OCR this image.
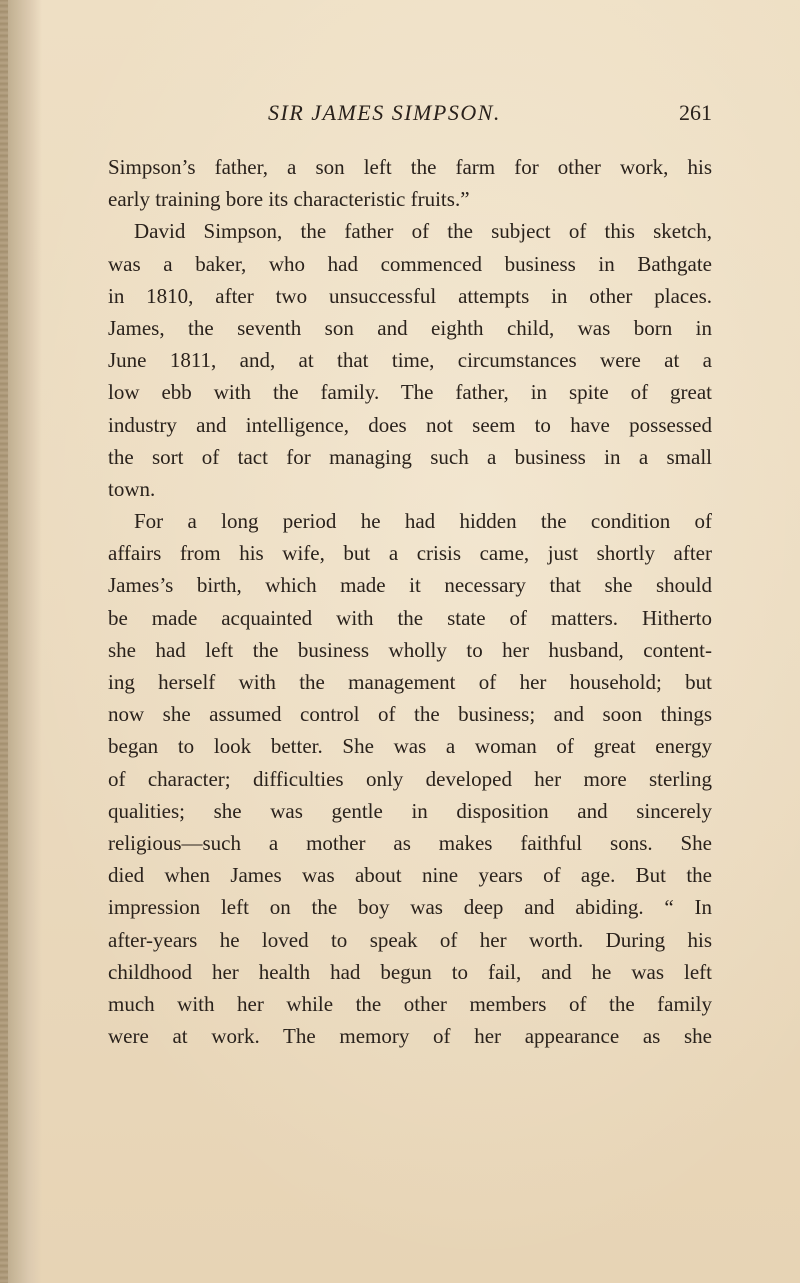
SIR JAMES SIMPSON.	261
Simpson’s father, a son left the farm for other work, his
early training bore its characteristic fruits.”
David Simpson, the father of the subject of this sketch,
was a baker, who had commenced business in Bathgate
in 1810, after two unsuccessful attempts in other places.
James, the seventh son and eighth child, was born in
June 1811, and, at that time, circumstances were at a
low ebb with the family. The father, in spite of great
industry and intelligence, does not seem to have possessed
the sort of tact for managing such a business in a small
town.
For a long period he had hidden the condition of
affairs from his wife, but a crisis came, just shortly after
James’s birth, which made it necessary that she should
be made acquainted with the state of matters. Hitherto
she had left the business wholly to her husband, content-
ing herself with the management of her household; but
now she assumed control of the business; and soon things
began to look better. She was a woman of great energy
of character; difficulties only developed her more sterling
qualities; she was gentle in disposition and sincerely
religious—such a mother as makes faithful sons. She
died when James was about nine years of age. But the
impression left on the boy was deep and abiding. “ In
after-years he loved to speak of her worth. During his
childhood her health had begun to fail, and he was left
much with her while the other members of the family
were at work. The memory of her appearance as she
